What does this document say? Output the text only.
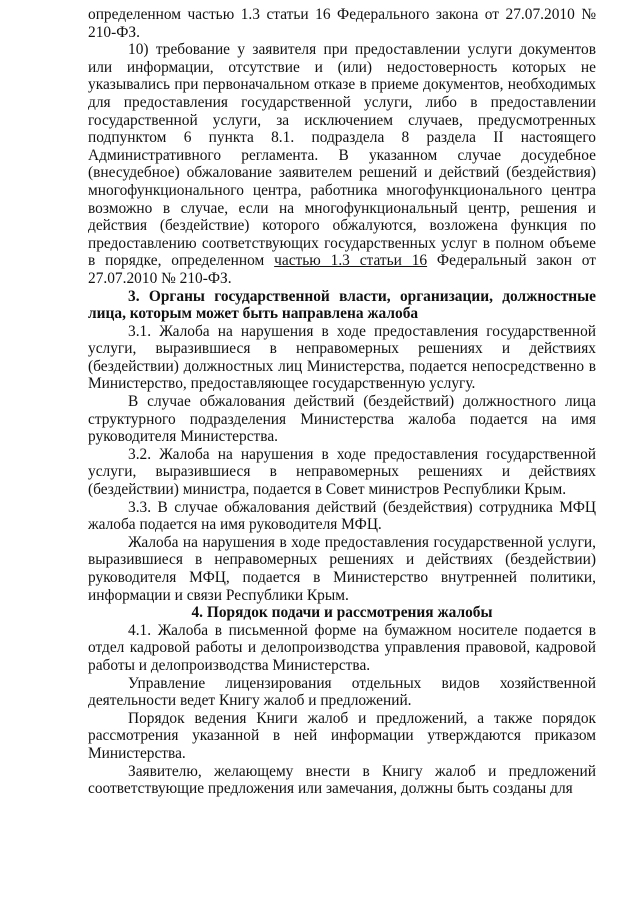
определенном частью 1.3 статьи 16 Федерального закона от 27.07.2010 № 210-ФЗ.

10) требование у заявителя при предоставлении услуги документов или информации, отсутствие и (или) недостоверность которых не указывались при первоначальном отказе в приеме документов, необходимых для предоставления государственной услуги, либо в предоставлении государственной услуги, за исключением случаев, предусмотренных подпунктом 6 пункта 8.1. подраздела 8 раздела II настоящего Административного регламента. В указанном случае досудебное (внесудебное) обжалование заявителем решений и действий (бездействия) многофункционального центра, работника многофункционального центра возможно в случае, если на многофункциональный центр, решения и действия (бездействие) которого обжалуются, возложена функция по предоставлению соответствующих государственных услуг в полном объеме в порядке, определенном частью 1.3 статьи 16 Федеральный закон от 27.07.2010 № 210-ФЗ.

3. Органы государственной власти, организации, должностные лица, которым может быть направлена жалоба

3.1. Жалоба на нарушения в ходе предоставления государственной услуги, выразившиеся в неправомерных решениях и действиях (бездействии) должностных лиц Министерства, подается непосредственно в Министерство, предоставляющее государственную услугу.

В случае обжалования действий (бездействий) должностного лица структурного подразделения Министерства жалоба подается на имя руководителя Министерства.

3.2. Жалоба на нарушения в ходе предоставления государственной услуги, выразившиеся в неправомерных решениях и действиях (бездействии) министра, подается в Совет министров Республики Крым.

3.3. В случае обжалования действий (бездействия) сотрудника МФЦ жалоба подается на имя руководителя МФЦ.

Жалоба на нарушения в ходе предоставления государственной услуги, выразившиеся в неправомерных решениях и действиях (бездействии) руководителя МФЦ, подается в Министерство внутренней политики, информации и связи Республики Крым.

4. Порядок подачи и рассмотрения жалобы

4.1. Жалоба в письменной форме на бумажном носителе подается в отдел кадровой работы и делопроизводства управления правовой, кадровой работы и делопроизводства Министерства.

Управление лицензирования отдельных видов хозяйственной деятельности ведет Книгу жалоб и предложений.

Порядок ведения Книги жалоб и предложений, а также порядок рассмотрения указанной в ней информации утверждаются приказом Министерства.

Заявителю, желающему внести в Книгу жалоб и предложений соответствующие предложения или замечания, должны быть созданы для
